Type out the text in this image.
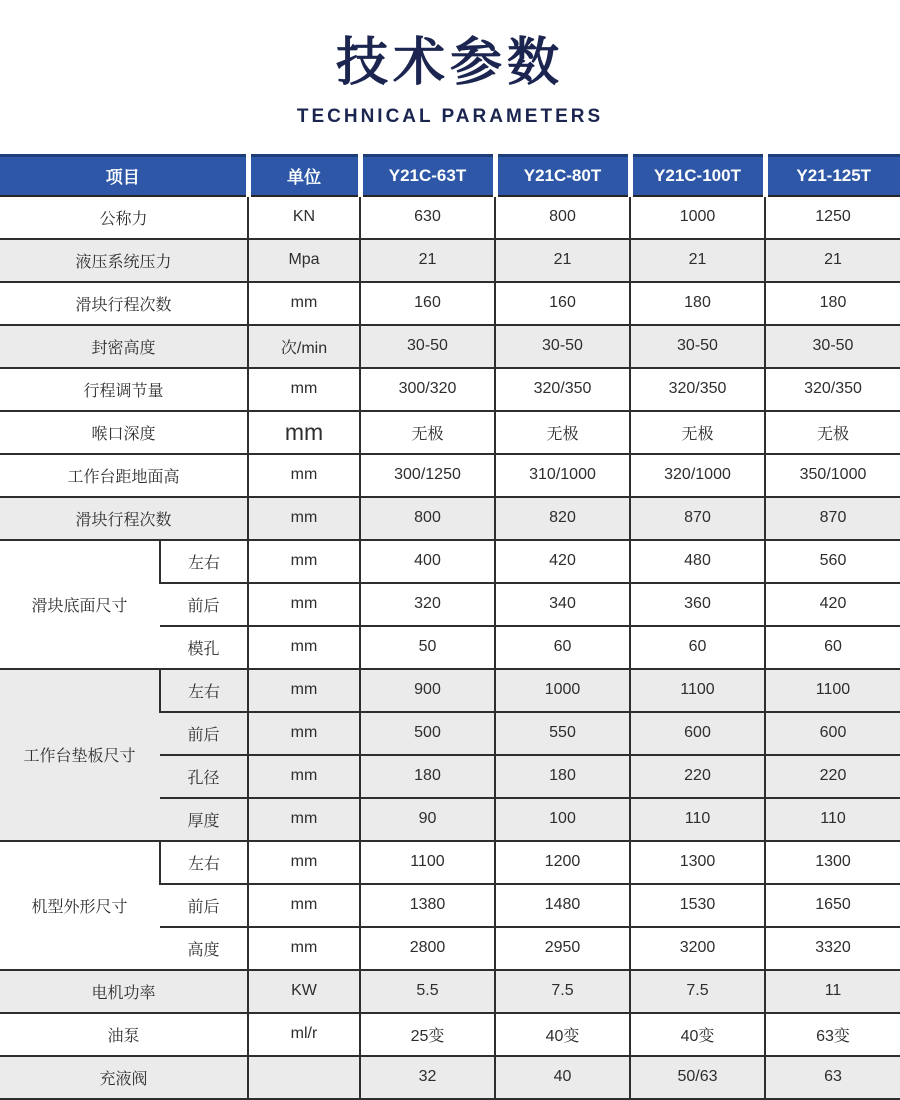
技术参数
TECHNICAL PARAMETERS
项目		单位	Y21C-63T	Y21C-80T	Y21C-100T	Y21-125T
公称力		KN	630	800	1000	1250
液压系统压力		Mpa	21	21	21	21
滑块行程次数		mm	160	160	180	180
封密高度		次/min	30-50	30-50	30-50	30-50
行程调节量		mm	300/320	320/350	320/350	320/350
喉口深度		mm	无极	无极	无极	无极
工作台距地面高		mm	300/1250	310/1000	320/1000	350/1000
滑块行程次数		mm	800	820	870	870
滑块底面尺寸	左右	mm	400	420	480	560
	前后	mm	320	340	360	420
	模孔	mm	50	60	60	60
工作台垫板尺寸	左右	mm	900	1000	1100	1100
	前后	mm	500	550	600	600
	孔径	mm	180	180	220	220
	厚度	mm	90	100	110	110
机型外形尺寸	左右	mm	1100	1200	1300	1300
	前后	mm	1380	1480	1530	1650
	高度	mm	2800	2950	3200	3320
电机功率		KW	5.5	7.5	7.5	11
油泵		ml/r	25变	40变	40变	63变
充液阀			32	40	50/63	63
